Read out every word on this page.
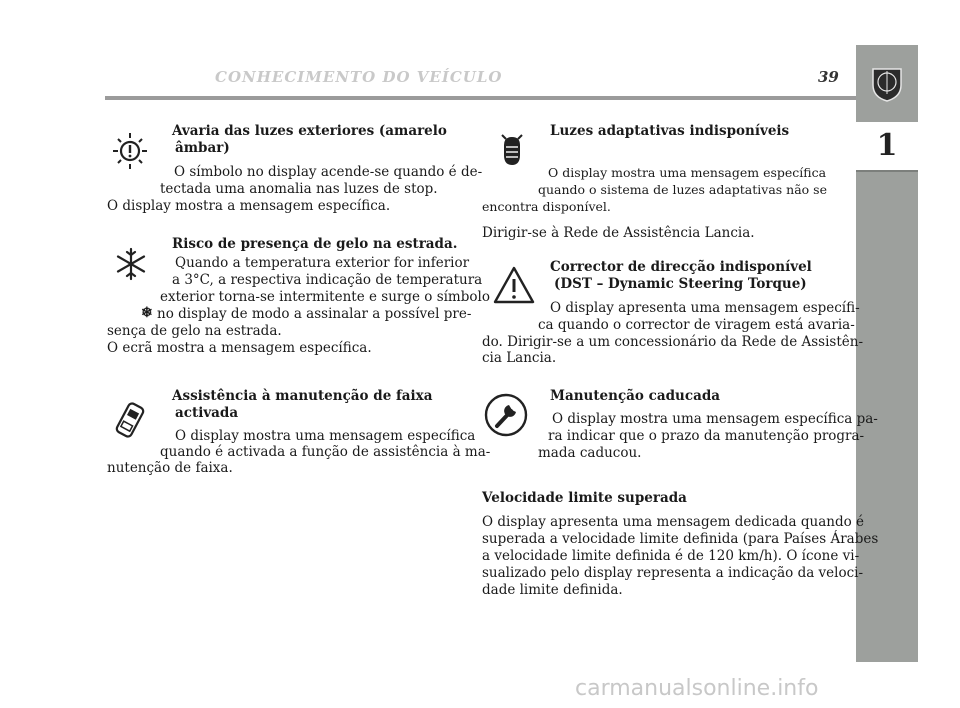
CONHECIMENTO DO VEÍCULO	39
1
Avaria das luzes exteriores (amarelo
âmbar)
O símbolo no display acende-se quando é de-
tectada uma anomalia nas luzes de stop.
O display mostra a mensagem específica.
Risco de presença de gelo na estrada.
Quando a temperatura exterior for inferior
a 3°C, a respectiva indicação de temperatura
exterior torna-se intermitente e surge o símbolo
❄ no display de modo a assinalar a possível pre-
sença de gelo na estrada.
O ecrã mostra a mensagem específica.
Assistência à manutenção de faixa
activada
O display mostra uma mensagem específica
quando é activada a função de assistência à ma-
nutenção de faixa.
Luzes adaptativas indisponíveis
O display mostra uma mensagem específica
quando o sistema de luzes adaptativas não se
encontra disponível.
Dirigir-se à Rede de Assistência Lancia.
Corrector de direcção indisponível
(DST – Dynamic Steering Torque)
O display apresenta uma mensagem específi-
ca quando o corrector de viragem está avaria-
do. Dirigir-se a um concessionário da Rede de Assistên-
cia Lancia.
Manutenção caducada
O display mostra uma mensagem específica pa-
ra indicar que o prazo da manutenção progra-
mada caducou.
Velocidade limite superada
O display apresenta uma mensagem dedicada quando é
superada a velocidade limite definida (para Países Árabes
a velocidade limite definida é de 120 km/h). O ícone vi-
sualizado pelo display representa a indicação da veloci-
dade limite definida.
carmanualsonline.info
